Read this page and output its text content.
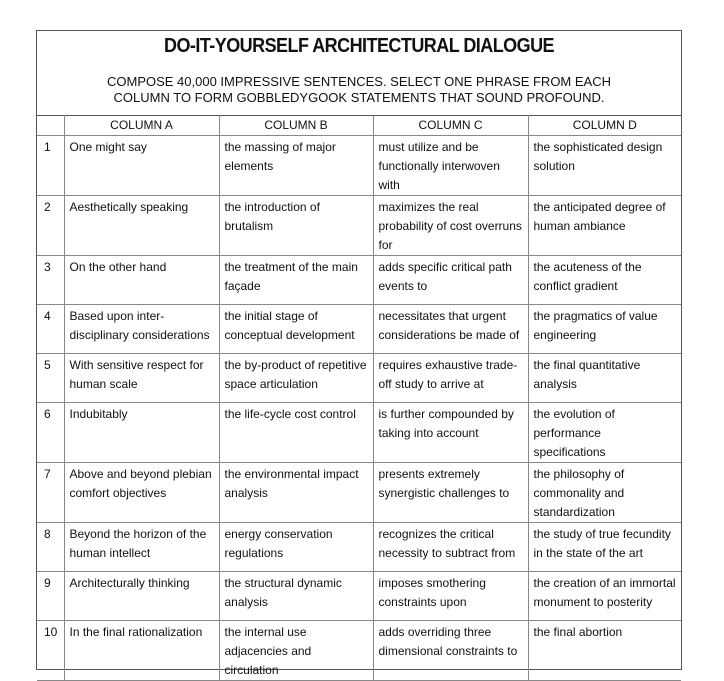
DO-IT-YOURSELF ARCHITECTURAL DIALOGUE
COMPOSE 40,000 IMPRESSIVE SENTENCES. SELECT ONE PHRASE FROM EACH
COLUMN TO FORM GOBBLEDYGOOK STATEMENTS THAT SOUND PROFOUND.
	COLUMN A	COLUMN B	COLUMN C	COLUMN D
1	One might say	the massing of major elements	must utilize and be functionally interwoven with	the sophisticated design solution
2	Aesthetically speaking	the introduction of brutalism	maximizes the real probability of cost overruns for	the anticipated degree of human ambiance
3	On the other hand	the treatment of the main façade	adds specific critical path events to	the acuteness of the conflict gradient
4	Based upon inter-disciplinary considerations	the initial stage of conceptual development	necessitates that urgent considerations be made of	the pragmatics of value engineering
5	With sensitive respect for human scale	the by-product of repetitive space articulation	requires exhaustive trade-off study to arrive at	the final quantitative analysis
6	Indubitably	the life-cycle cost control	is further compounded by taking into account	the evolution of performance specifications
7	Above and beyond plebian comfort objectives	the environmental impact analysis	presents extremely synergistic challenges to	the philosophy of commonality and standardization
8	Beyond the horizon of the human intellect	energy conservation regulations	recognizes the critical necessity to subtract from	the study of true fecundity in the state of the art
9	Architecturally thinking	the structural dynamic analysis	imposes smothering constraints upon	the creation of an immortal monument to posterity
10	In the final rationalization	the internal use adjacencies and circulation	adds overriding three dimensional constraints to	the final abortion
